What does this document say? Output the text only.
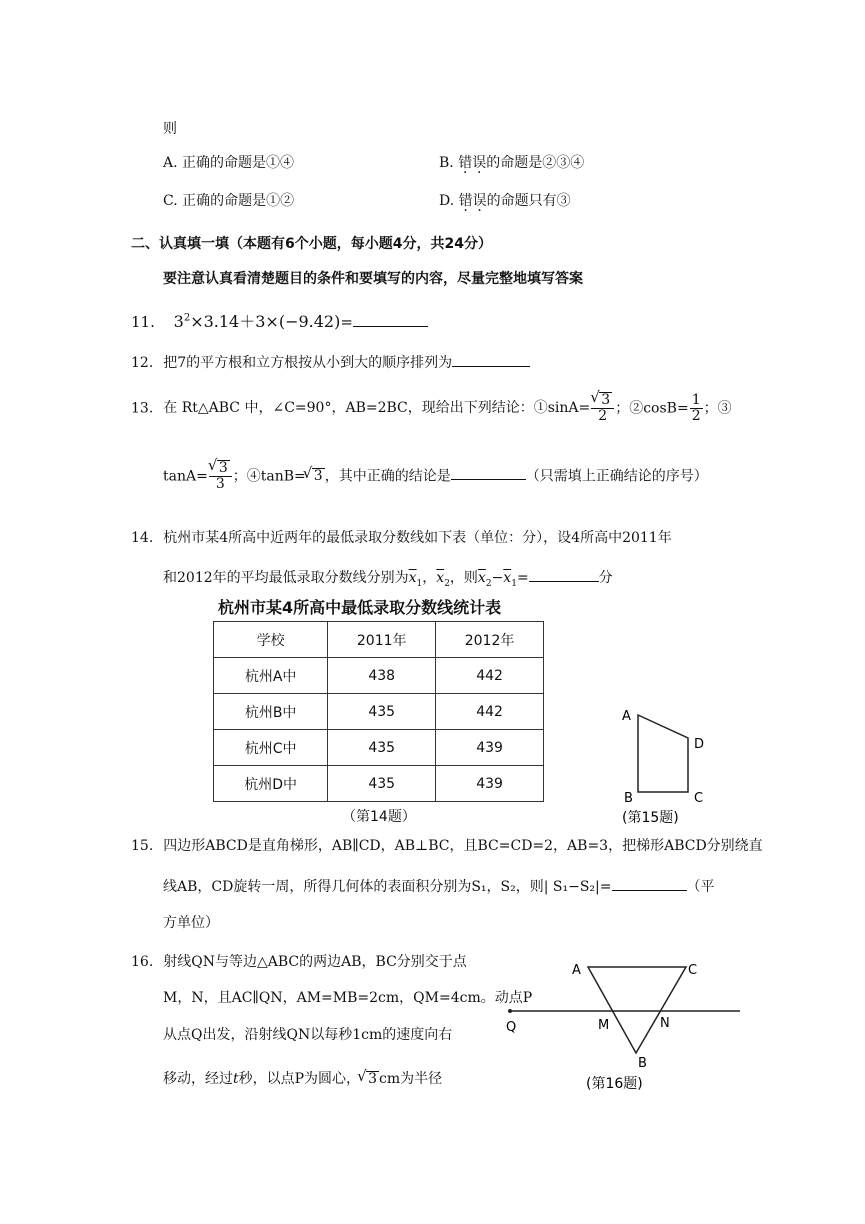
则
A. 正确的命题是①④	B. 错误的命题是②③④
C. 正确的命题是①②	D. 错误的命题只有③
二、认真填一填（本题有6个小题，每小题4分，共24分）
要注意认真看清楚题目的条件和要填写的内容，尽量完整地填写答案
11. $3^2\times 3.14+3\times(-9.42)=$
12. 把7的平方根和立方根按从小到大的顺序排列为
13. 在 Rt△ABC 中，∠C=90°，AB=2BC，现给出下列结论：①sinA= √ $\frac{3}{2}$ ；②cosB= $\frac{1}{2}$ ；③
tanA= √ $\frac{3}{3}$ ；④tanB= √ 3 ，其中正确的结论是	（只需填上正确结论的序号）
14. 杭州市某4所高中近两年的最低录取分数线如下表（单位：分），设4所高中2011年
和2012年的平均最低录取分数线分别为$\overline{x}_1$，$\overline{x}_2$，则$\overline{x}_2-\overline{x}_1=$	分
杭州市某4所高中最低录取分数线统计表
学校	2011年	2012年
杭州A中	438	442
杭州B中	435	442
杭州C中	435	439
杭州D中	435	439
（第14题）
A
D
B	C
(第15题)
15. 四边形ABCD是直角梯形，AB∥CD，AB⊥BC，且BC=CD=2，AB=3，把梯形ABCD分别绕直
线AB，CD旋转一周，所得几何体的表面积分别为S₁，S₂，则| S₁−S₂|=	（平
方单位）
16. 射线QN与等边△ABC的两边AB，BC分别交于点
M，N，且AC∥QN，AM=MB=2cm，QM=4cm。动点P
从点Q出发，沿射线QN以每秒1cm的速度向右
移动，经过t秒，以点P为圆心， √ 3 cm为半径
A	C
Q	M	N
B
(第16题)
